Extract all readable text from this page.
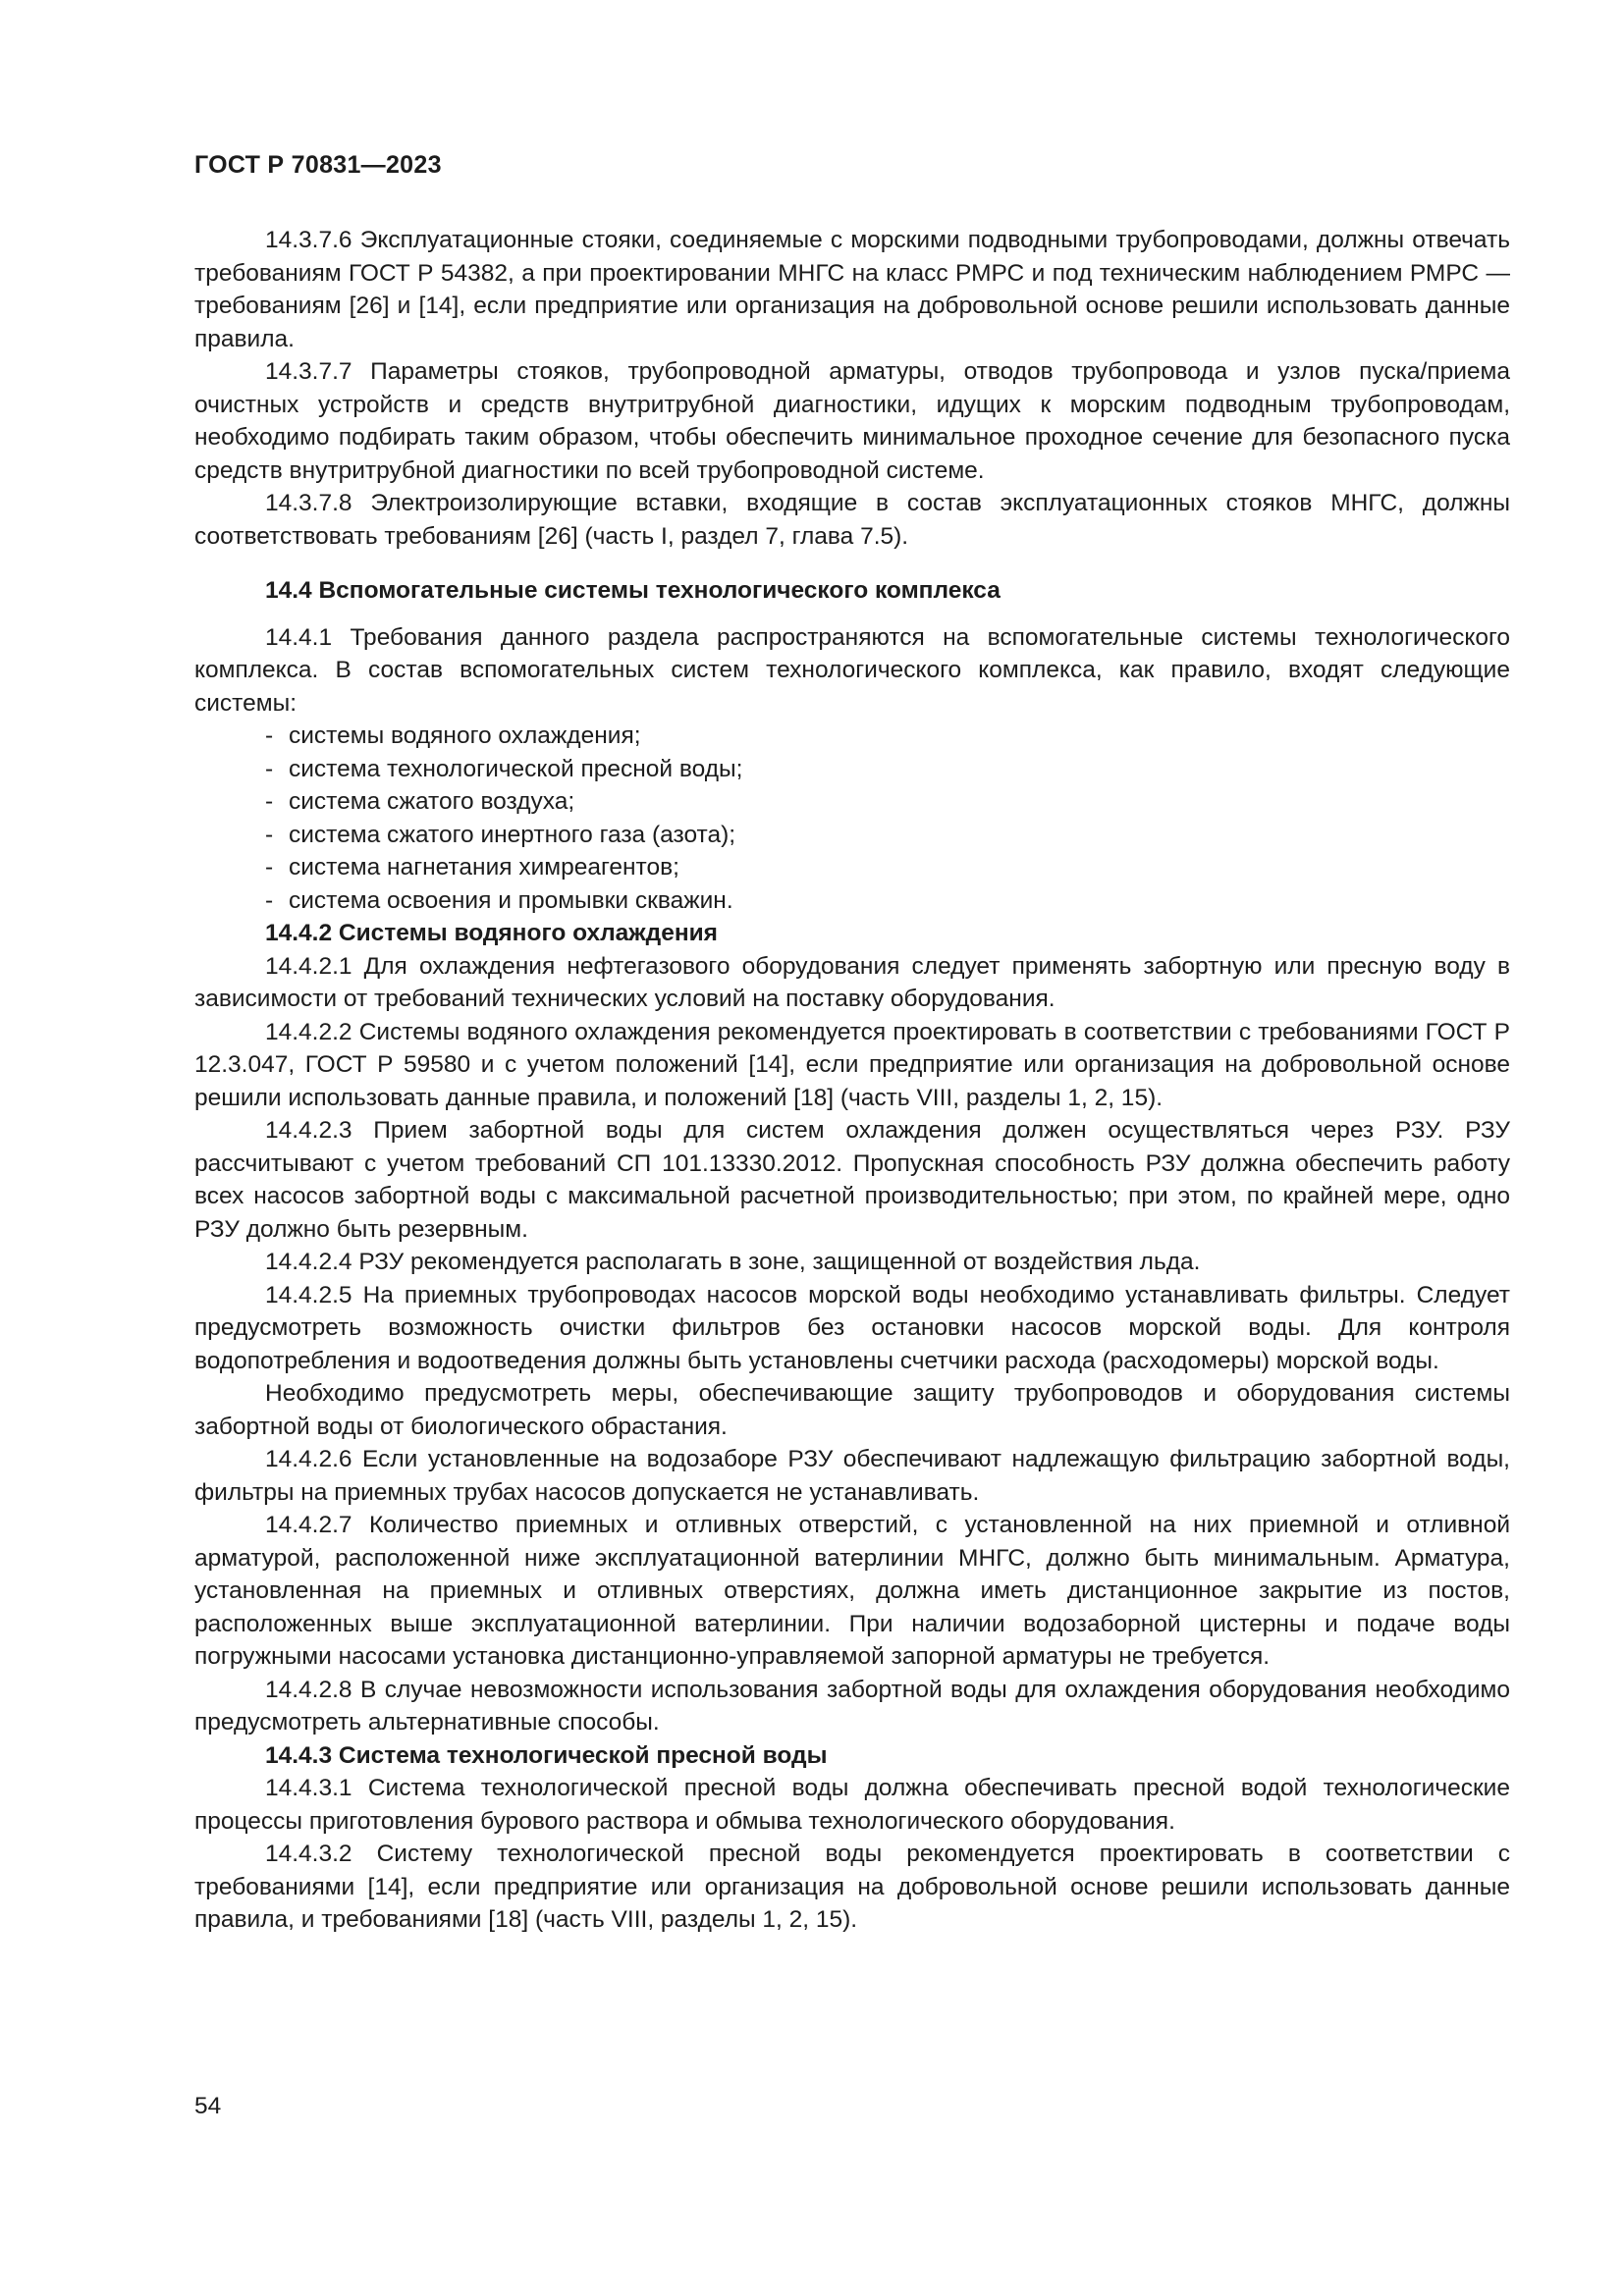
ГОСТ Р 70831—2023

14.3.7.6 Эксплуатационные стояки, соединяемые с морскими подводными трубопроводами, должны отвечать требованиям ГОСТ Р 54382, а при проектировании МНГС на класс РМРС и под техническим наблюдением РМРС — требованиям [26] и [14], если предприятие или организация на добровольной основе решили использовать данные правила.

14.3.7.7 Параметры стояков, трубопроводной арматуры, отводов трубопровода и узлов пуска/приема очистных устройств и средств внутритрубной диагностики, идущих к морским подводным трубопроводам, необходимо подбирать таким образом, чтобы обеспечить минимальное проходное сечение для безопасного пуска средств внутритрубной диагностики по всей трубопроводной системе.

14.3.7.8 Электроизолирующие вставки, входящие в состав эксплуатационных стояков МНГС, должны соответствовать требованиям [26] (часть I, раздел 7, глава 7.5).

14.4 Вспомогательные системы технологического комплекса

14.4.1 Требования данного раздела распространяются на вспомогательные системы технологического комплекса. В состав вспомогательных систем технологического комплекса, как правило, входят следующие системы:

- системы водяного охлаждения;
- система технологической пресной воды;
- система сжатого воздуха;
- система сжатого инертного газа (азота);
- система нагнетания химреагентов;
- система освоения и промывки скважин.
14.4.2 Системы водяного охлаждения

14.4.2.1 Для охлаждения нефтегазового оборудования следует применять забортную или пресную воду в зависимости от требований технических условий на поставку оборудования.

14.4.2.2 Системы водяного охлаждения рекомендуется проектировать в соответствии с требованиями ГОСТ Р 12.3.047, ГОСТ Р 59580 и с учетом положений [14], если предприятие или организация на добровольной основе решили использовать данные правила, и положений [18] (часть VIII, разделы 1, 2, 15).

14.4.2.3 Прием забортной воды для систем охлаждения должен осуществляться через РЗУ. РЗУ рассчитывают с учетом требований СП 101.13330.2012. Пропускная способность РЗУ должна обеспечить работу всех насосов забортной воды с максимальной расчетной производительностью; при этом, по крайней мере, одно РЗУ должно быть резервным.

14.4.2.4 РЗУ рекомендуется располагать в зоне, защищенной от воздействия льда.

14.4.2.5 На приемных трубопроводах насосов морской воды необходимо устанавливать фильтры. Следует предусмотреть возможность очистки фильтров без остановки насосов морской воды. Для контроля водопотребления и водоотведения должны быть установлены счетчики расхода (расходомеры) морской воды.

Необходимо предусмотреть меры, обеспечивающие защиту трубопроводов и оборудования системы забортной воды от биологического обрастания.

14.4.2.6 Если установленные на водозаборе РЗУ обеспечивают надлежащую фильтрацию забортной воды, фильтры на приемных трубах насосов допускается не устанавливать.

14.4.2.7 Количество приемных и отливных отверстий, с установленной на них приемной и отливной арматурой, расположенной ниже эксплуатационной ватерлинии МНГС, должно быть минимальным. Арматура, установленная на приемных и отливных отверстиях, должна иметь дистанционное закрытие из постов, расположенных выше эксплуатационной ватерлинии. При наличии водозаборной цистерны и подаче воды погружными насосами установка дистанционно-управляемой запорной арматуры не требуется.

14.4.2.8 В случае невозможности использования забортной воды для охлаждения оборудования необходимо предусмотреть альтернативные способы.

14.4.3 Система технологической пресной воды

14.4.3.1 Система технологической пресной воды должна обеспечивать пресной водой технологические процессы приготовления бурового раствора и обмыва технологического оборудования.

14.4.3.2 Систему технологической пресной воды рекомендуется проектировать в соответствии с требованиями [14], если предприятие или организация на добровольной основе решили использовать данные правила, и требованиями [18] (часть VIII, разделы 1, 2, 15).

54
